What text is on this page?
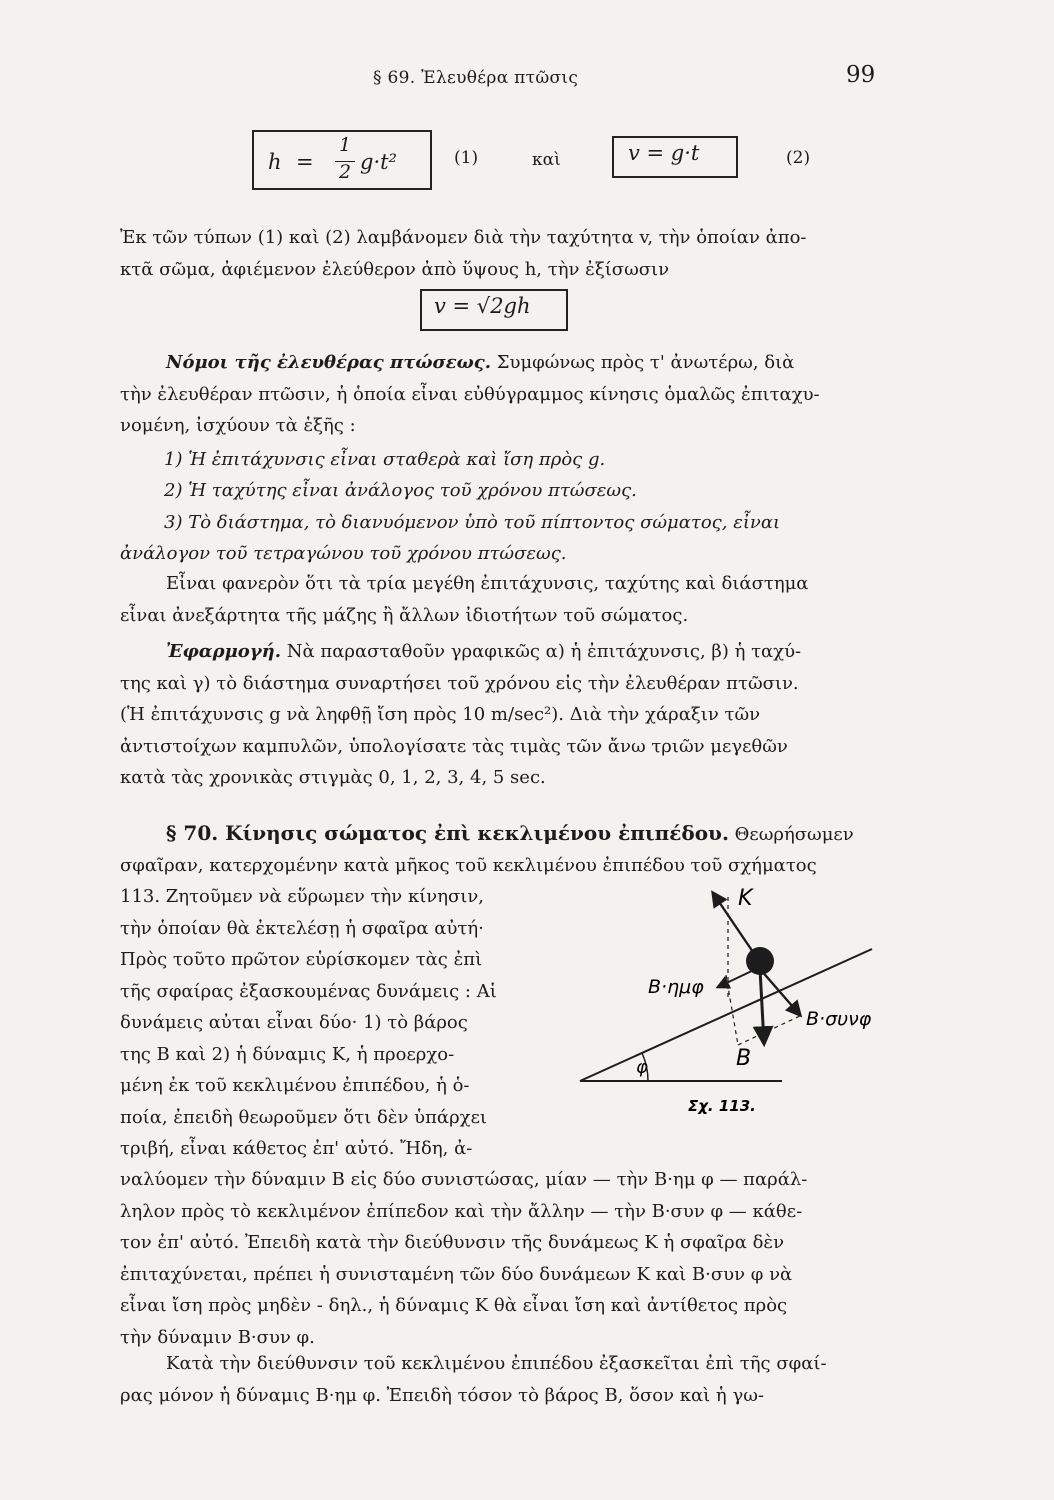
§ 69. Ἐλευθέρα πτῶσις	99
h =
1
2 g·t²	(1)	καὶ	v = g·t	(2)
Ἐκ τῶν τύπων (1) καὶ (2) λαμβάνομεν διὰ τὴν ταχύτητα v, τὴν ὁποίαν ἀπο-
κτᾶ σῶμα, ἀφιέμενον ἐλεύθερον ἀπὸ ὕψους h, τὴν ἐξίσωσιν
v = √2gh
Νόμοι τῆς ἐλευθέρας πτώσεως. Συμφώνως πρὸς τ' ἀνωτέρω, διὰ
τὴν ἐλευθέραν πτῶσιν, ἡ ὁποία εἶναι εὐθύγραμμος κίνησις ὁμαλῶς ἐπιταχυ-
νομένη, ἰσχύουν τὰ ἑξῆς :
1) Ἡ ἐπιτάχυνσις εἶναι σταθερὰ καὶ ἴση πρὸς g.
2) Ἡ ταχύτης εἶναι ἀνάλογος τοῦ χρόνου πτώσεως.
3) Τὸ διάστημα, τὸ διανυόμενον ὑπὸ τοῦ πίπτοντος σώματος, εἶναι
ἀνάλογον τοῦ τετραγώνου τοῦ χρόνου πτώσεως.
Εἶναι φανερὸν ὅτι τὰ τρία μεγέθη ἐπιτάχυνσις, ταχύτης καὶ διάστημα
εἶναι ἀνεξάρτητα τῆς μάζης ἢ ἄλλων ἰδιοτήτων τοῦ σώματος.
Ἐφαρμογή. Νὰ παρασταθοῦν γραφικῶς α) ἡ ἐπιτάχυνσις, β) ἡ ταχύ-
της καὶ γ) τὸ διάστημα συναρτήσει τοῦ χρόνου εἰς τὴν ἐλευθέραν πτῶσιν.
(Ἡ ἐπιτάχυνσις g νὰ ληφθῇ ἴση πρὸς 10 m/sec²). Διὰ τὴν χάραξιν τῶν
ἀντιστοίχων καμπυλῶν, ὑπολογίσατε τὰς τιμὰς τῶν ἄνω τριῶν μεγεθῶν
κατὰ τὰς χρονικὰς στιγμὰς 0, 1, 2, 3, 4, 5 sec.
§ 70. Κίνησις σώματος ἐπὶ κεκλιμένου ἐπιπέδου. Θεωρήσωμεν
σφαῖραν, κατερχομένην κατὰ μῆκος τοῦ κεκλιμένου ἐπιπέδου τοῦ σχήματος
113. Ζητοῦμεν νὰ εὕρωμεν τὴν κίνησιν,
τὴν ὁποίαν θὰ ἐκτελέσῃ ἡ σφαῖρα αὐτή·
Πρὸς τοῦτο πρῶτον εὑρίσκομεν τὰς ἐπὶ
τῆς σφαίρας ἐξασκουμένας δυνάμεις : Αἱ
δυνάμεις αὐται εἶναι δύο· 1) τὸ βάρος
της B καὶ 2) ἡ δύναμις K, ἡ προερχο-
μένη ἐκ τοῦ κεκλιμένου ἐπιπέδου, ἡ ὁ-
ποία, ἐπειδὴ θεωροῦμεν ὅτι δὲν ὑπάρχει
τριβή, εἶναι κάθετος ἐπ' αὐτό. Ἤδη, ἀ-
ναλύομεν τὴν δύναμιν B εἰς δύο συνιστώσας, μίαν — τὴν B·ημ φ — παράλ-
ληλον πρὸς τὸ κεκλιμένον ἐπίπεδον καὶ τὴν ἄλλην — τὴν B·συν φ — κάθε-
τον ἐπ' αὐτό. Ἐπειδὴ κατὰ τὴν διεύθυνσιν τῆς δυνάμεως K ἡ σφαῖρα δὲν
ἐπιταχύνεται, πρέπει ἡ συνισταμένη τῶν δύο δυνάμεων K καὶ B·συν φ νὰ
εἶναι ἴση πρὸς μηδὲν - δηλ., ἡ δύναμις K θὰ εἶναι ἴση καὶ ἀντίθετος πρὸς
τὴν δύναμιν B·συν φ.
Κατὰ τὴν διεύθυνσιν τοῦ κεκλιμένου ἐπιπέδου ἐξασκεῖται ἐπὶ τῆς σφαί-
ρας μόνον ἡ δύναμις B·ημ φ. Ἐπειδὴ τόσον τὸ βάρος B, ὅσον καὶ ἡ γω-
K
B·ημφ
B·συνφ
B
φ
Σχ. 113.
